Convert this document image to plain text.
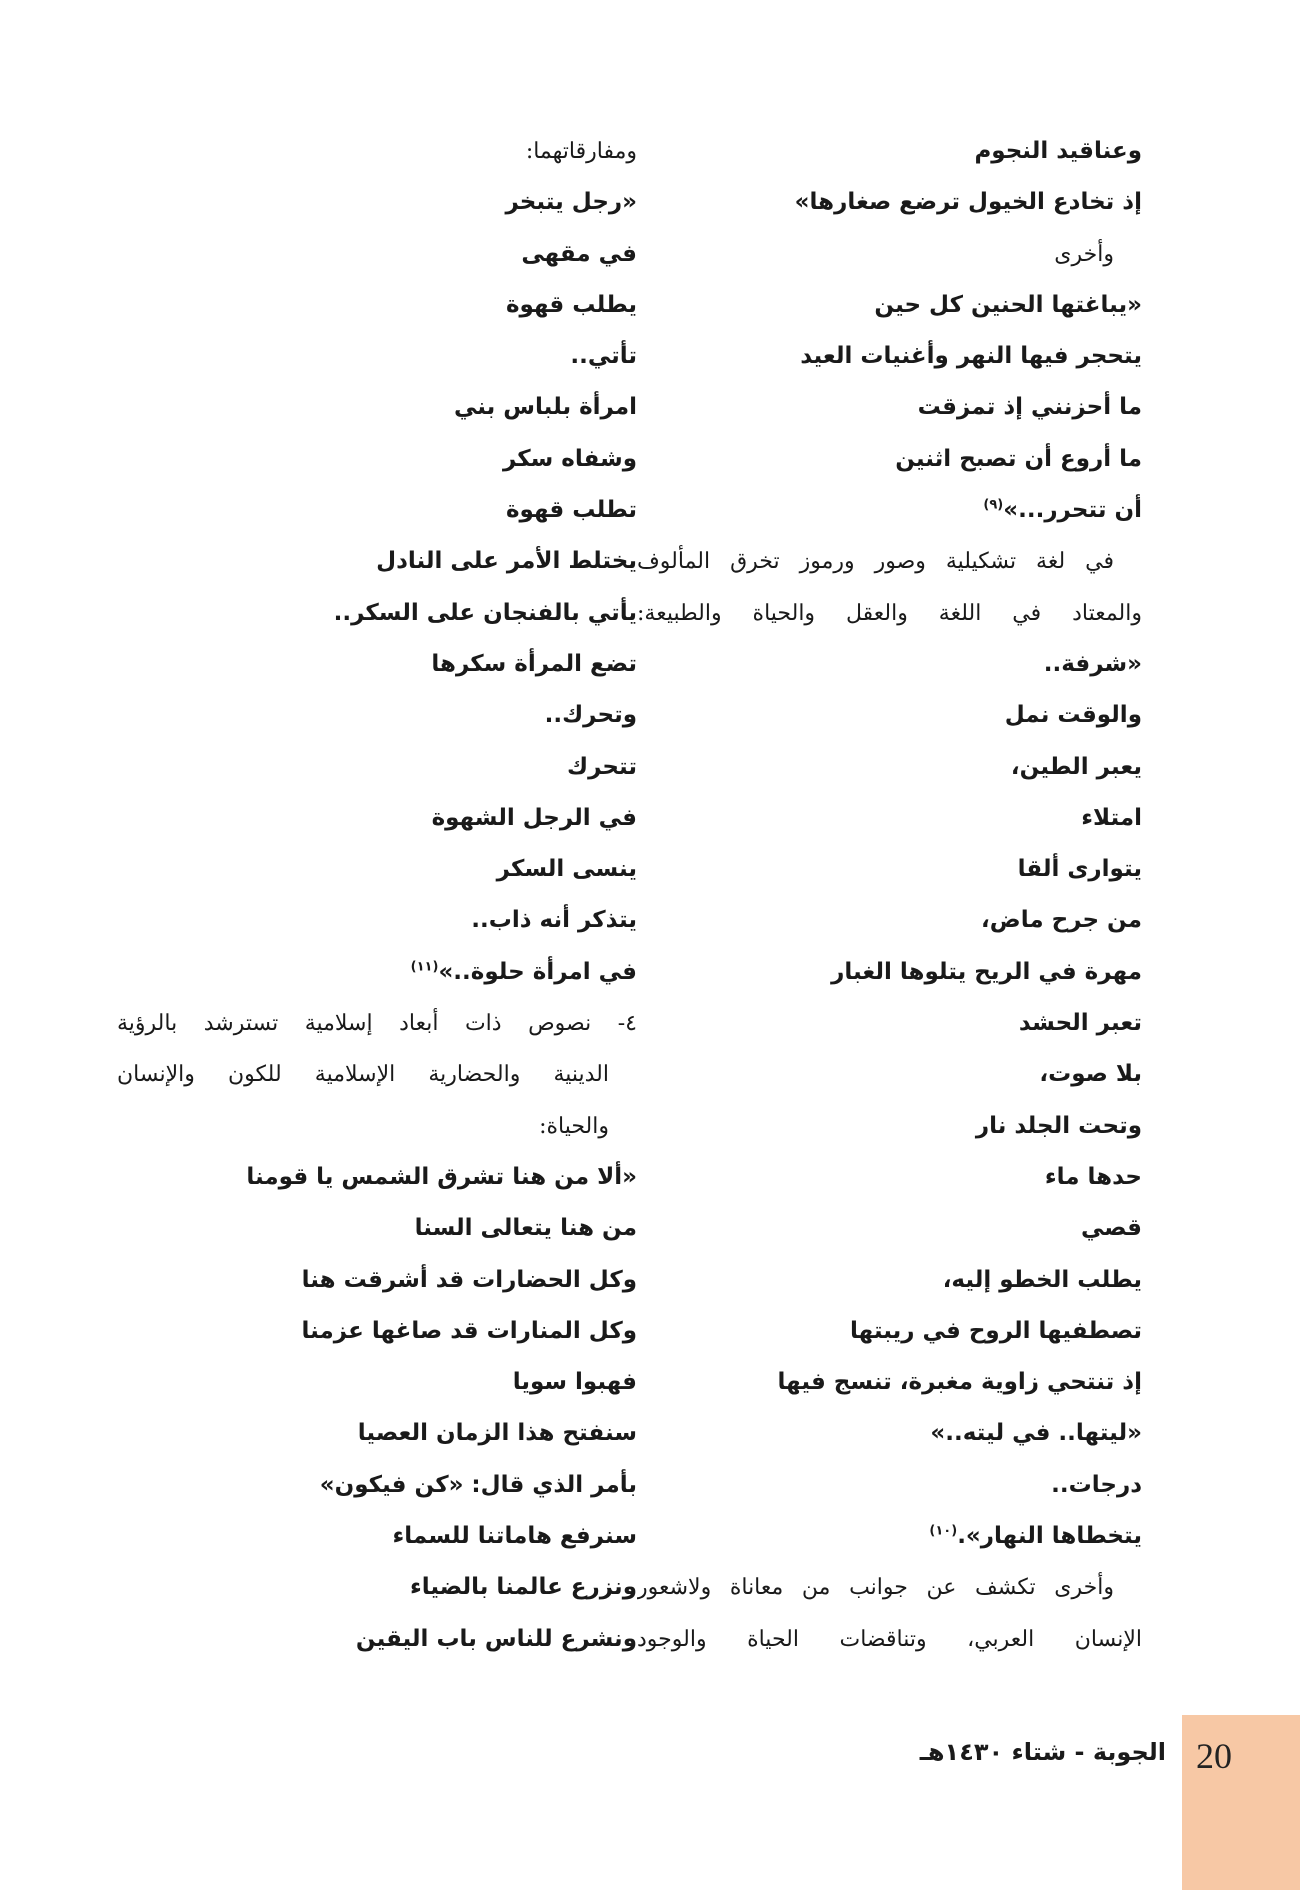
وعناقيد النجوم
إذ تخادع الخيول ترضع صغارها»
وأخرى
«يباغتها الحنين كل حين
يتحجر فيها النهر وأغنيات العيد
ما أحزنني إذ تمزقت
ما أروع أن تصبح اثنين
أن تتحرر...»$^{(٩)}$
في لغة تشكيلية وصور ورموز تخرق المألوف
والمعتاد في اللغة والعقل والحياة والطبيعة:
«شرفة..
والوقت نمل
يعبر الطين،
امتلاء
يتوارى ألقا
من جرح ماض،
مهرة في الريح يتلوها الغبار
تعبر الحشد
بلا صوت،
وتحت الجلد نار
حدها ماء
قصي
يطلب الخطو إليه،
تصطفيها الروح في ريبتها
إذ تنتحي زاوية مغبرة، تنسج فيها
«ليتها.. في ليته..»
درجات..
يتخطاها النهار».$^{(١٠)}$
وأخرى تكشف عن جوانب من معاناة ولاشعور
الإنسان العربي، وتناقضات الحياة والوجود
ومفارقاتهما:
«رجل يتبخر
في مقهى
يطلب قهوة
تأتي..
امرأة بلباس بني
وشفاه سكر
تطلب قهوة
يختلط الأمر على النادل
يأتي بالفنجان على السكر..
تضع المرأة سكرها
وتحرك..
تتحرك
في الرجل الشهوة
ينسى السكر
يتذكر أنه ذاب..
في امرأة حلوة..»$^{(١١)}$
٤- نصوص ذات أبعاد إسلامية تسترشد بالرؤية
الدينية والحضارية الإسلامية للكون والإنسان
والحياة:
«ألا من هنا تشرق الشمس يا قومنا
من هنا يتعالى السنا
وكل الحضارات قد أشرقت هنا
وكل المنارات قد صاغها عزمنا
فهبوا سويا
سنفتح هذا الزمان العصيا
بأمر الذي قال: «كن فيكون»
سنرفع هاماتنا للسماء
ونزرع عالمنا بالضياء
ونشرع للناس باب اليقين
الجوبة - شتاء ١٤٣٠هـ 20
